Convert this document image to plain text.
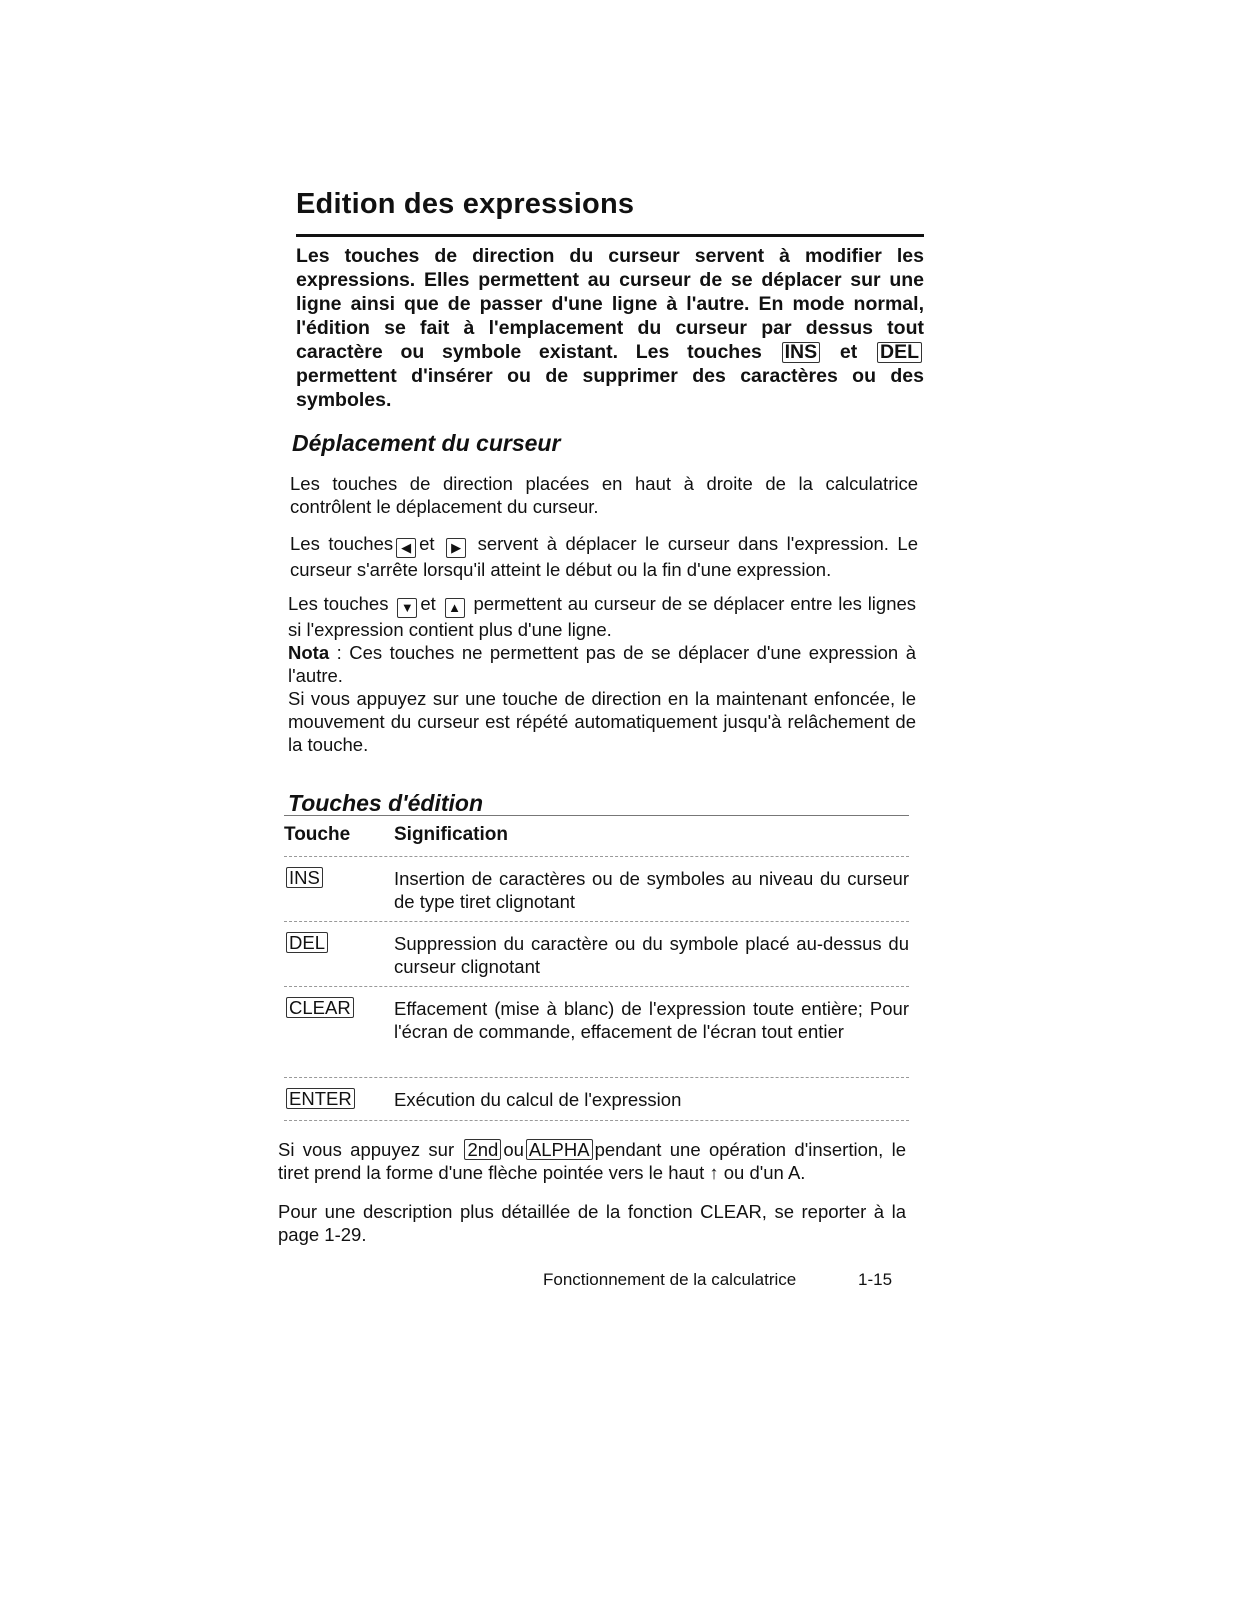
Edition des expressions

Les touches de direction du curseur servent à modifier les expressions. Elles permettent au curseur de se déplacer sur une ligne ainsi que de passer d'une ligne à l'autre. En mode normal, l'édition se fait à l'emplacement du curseur par dessus tout caractère ou symbole existant. Les touches INS et DEL permettent d'insérer ou de supprimer des caractères ou des symboles.

Déplacement du curseur

Les touches de direction placées en haut à droite de la calculatrice contrôlent le déplacement du curseur.

Les touches ◀ et ▶ servent à déplacer le curseur dans l'expression. Le curseur s'arrête lorsqu'il atteint le début ou la fin d'une expression.

Les touches ▼ et ▲ permettent au curseur de se déplacer entre les lignes si l'expression contient plus d'une ligne.
Nota : Ces touches ne permettent pas de se déplacer d'une expression à l'autre.
Si vous appuyez sur une touche de direction en la maintenant enfoncée, le mouvement du curseur est répété automatiquement jusqu'à relâchement de la touche.

Touches d'édition
Touche Signification
INS	Insertion de caractères ou de symboles au niveau du curseur de type tiret clignotant

DEL	Suppression du caractère ou du symbole placé au-dessus du curseur clignotant

CLEAR Effacement (mise à blanc) de l'expression toute entière; Pour l'écran de commande, effacement de l'écran tout entier

ENTER Exécution du calcul de l'expression

Si vous appuyez sur 2nd ou ALPHA pendant une opération d'insertion, le tiret prend la forme d'une flèche pointée vers le haut ↑ ou d'un A.

Pour une description plus détaillée de la fonction CLEAR, se reporter à la page 1-29.

Fonctionnement de la calculatrice	1-15
